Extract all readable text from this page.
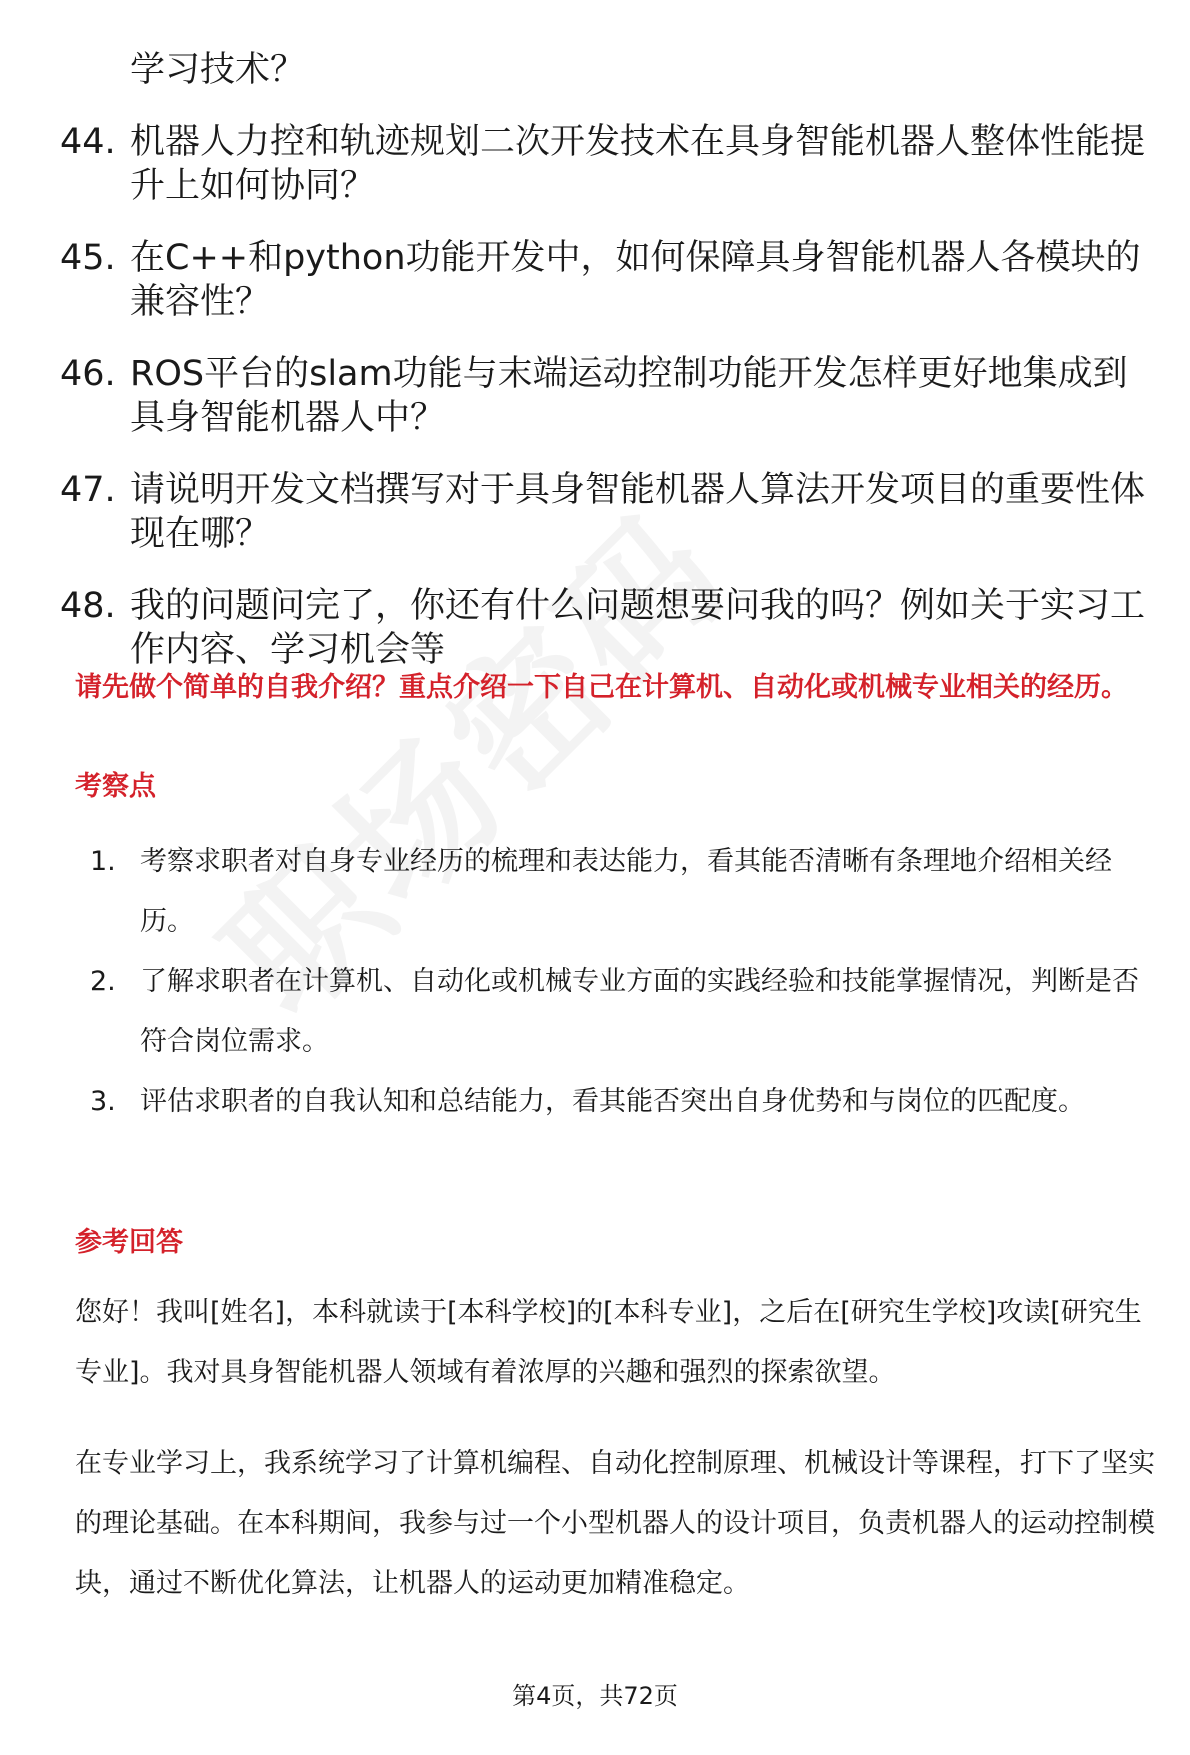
学习技术？
44. 机器人力控和轨迹规划二次开发技术在具身智能机器人整体性能提升上如何协同？
45. 在C++和python功能开发中，如何保障具身智能机器人各模块的兼容性？
46. ROS平台的slam功能与末端运动控制功能开发怎样更好地集成到具身智能机器人中？
47. 请说明开发文档撰写对于具身智能机器人算法开发项目的重要性体现在哪？
48. 我的问题问完了，你还有什么问题想要问我的吗？例如关于实习工作内容、学习机会等
请先做个简单的自我介绍？重点介绍一下自己在计算机、自动化或机械专业相关的经历。
考察点
1. 考察求职者对自身专业经历的梳理和表达能力，看其能否清晰有条理地介绍相关经历。
2. 了解求职者在计算机、自动化或机械专业方面的实践经验和技能掌握情况，判断是否符合岗位需求。
3. 评估求职者的自我认知和总结能力，看其能否突出自身优势和与岗位的匹配度。
参考回答
您好！我叫[姓名]，本科就读于[本科学校]的[本科专业]，之后在[研究生学校]攻读[研究生专业]。我对具身智能机器人领域有着浓厚的兴趣和强烈的探索欲望。
在专业学习上，我系统学习了计算机编程、自动化控制原理、机械设计等课程，打下了坚实的理论基础。在本科期间，我参与过一个小型机器人的设计项目，负责机器人的运动控制模块，通过不断优化算法，让机器人的运动更加精准稳定。
第4页，共72页
